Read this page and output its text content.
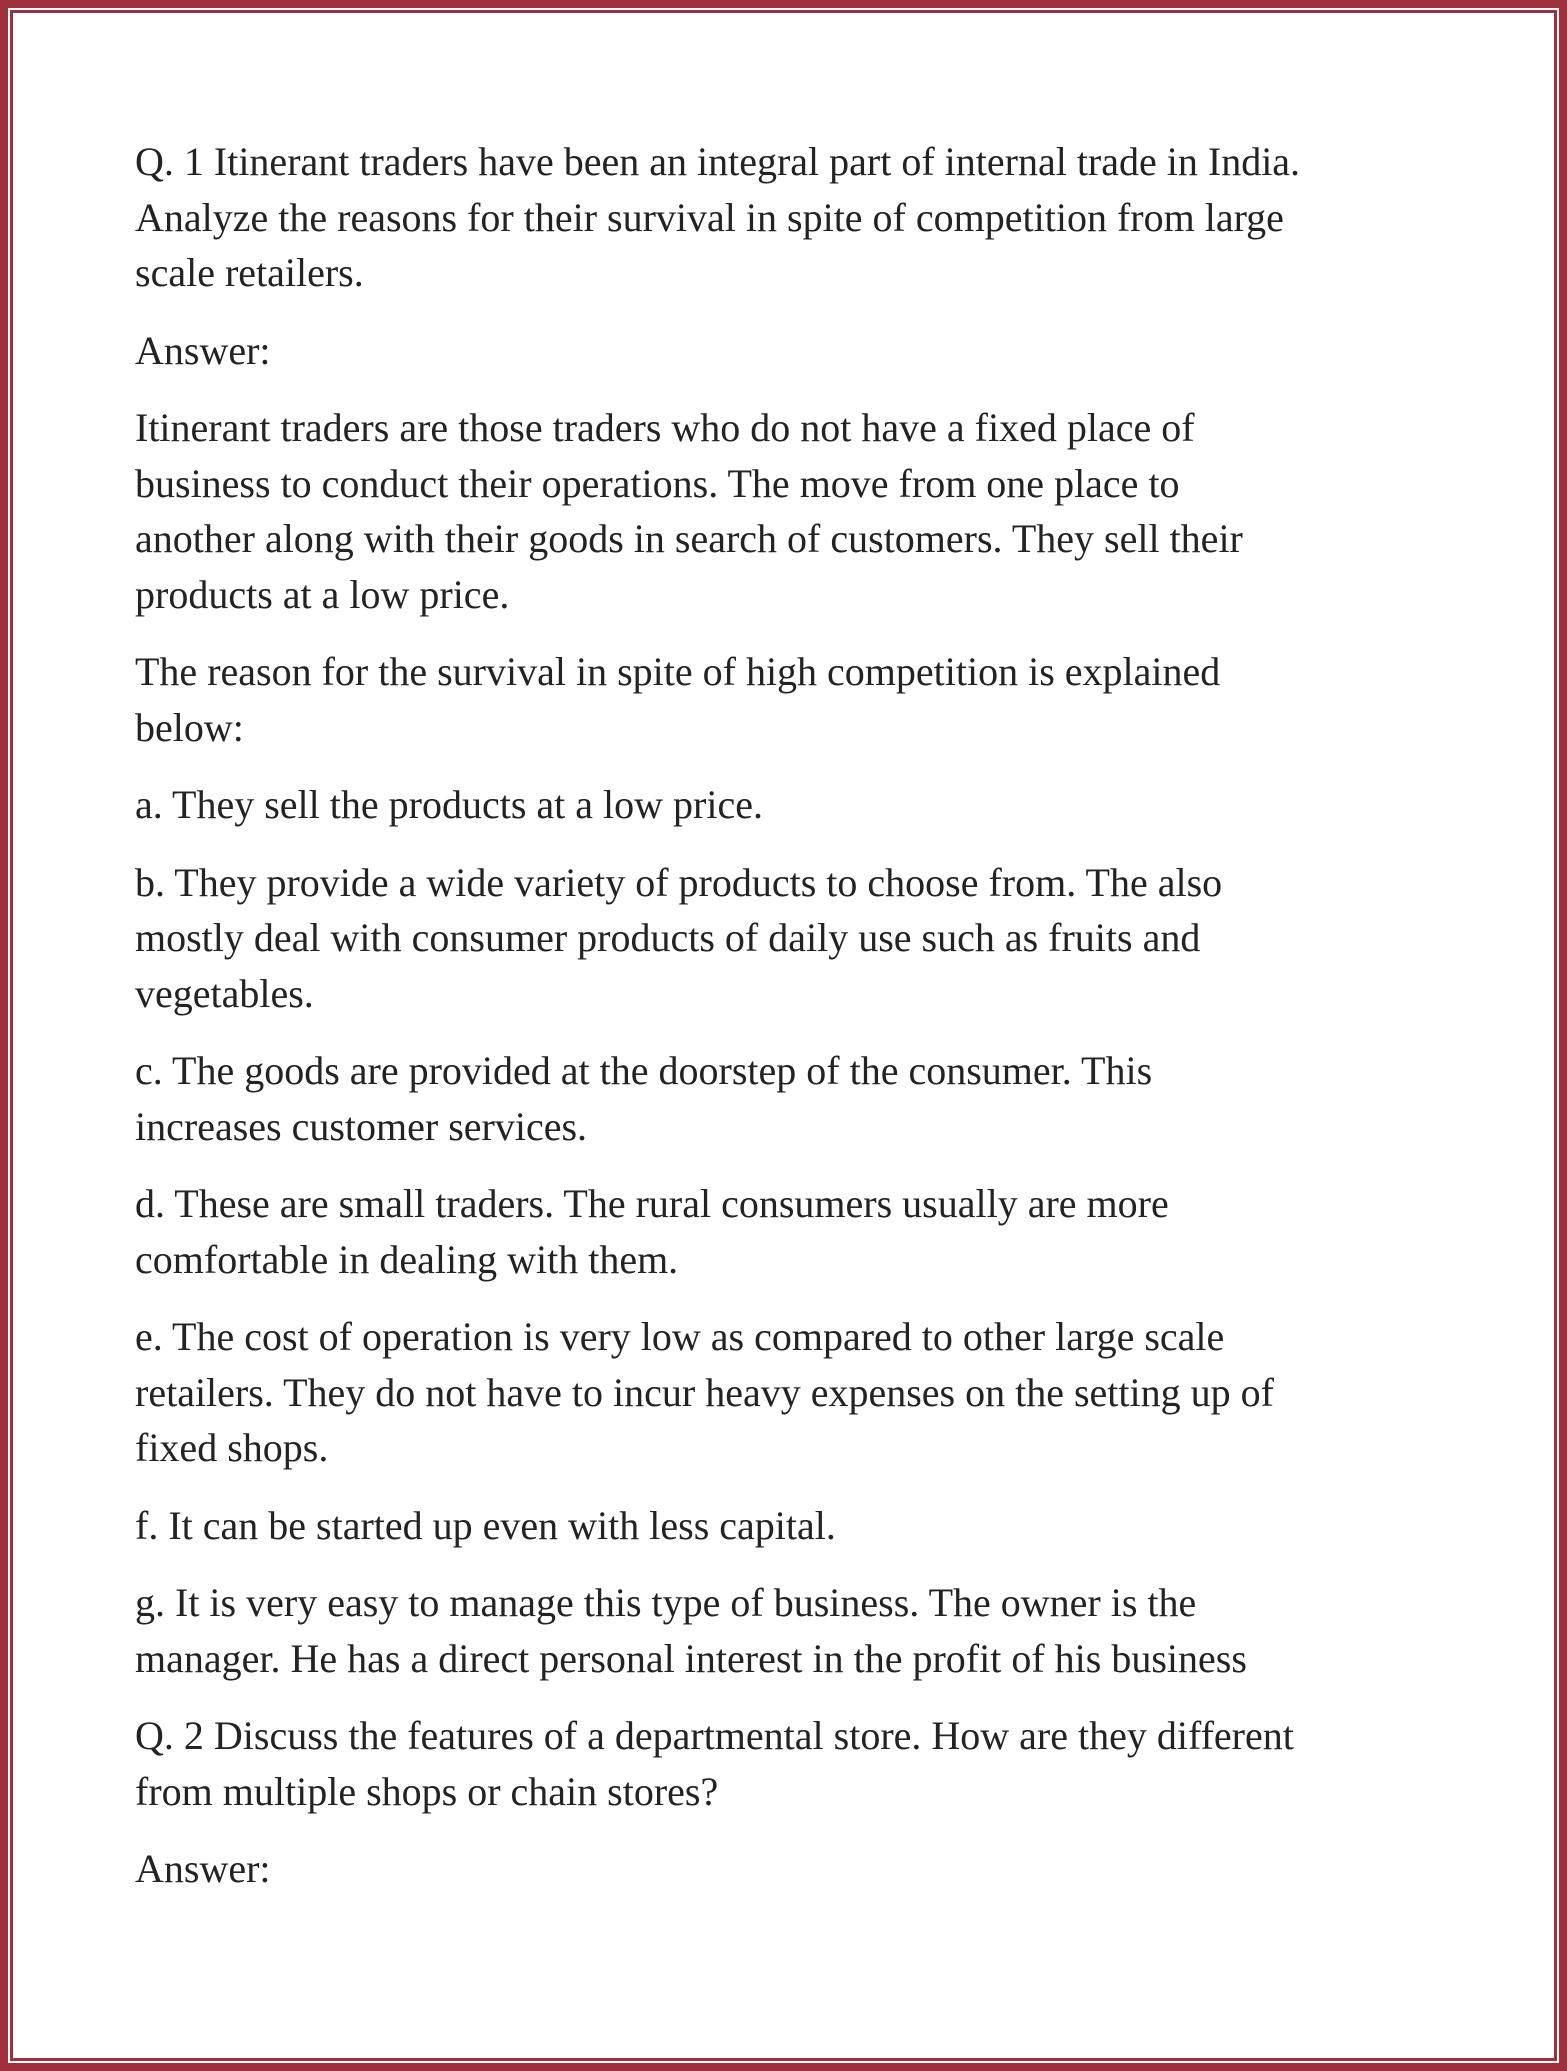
Q. 1 Itinerant traders have been an integral part of internal trade in India.
Analyze the reasons for their survival in spite of competition from large
scale retailers.

Answer:

Itinerant traders are those traders who do not have a fixed place of
business to conduct their operations. The move from one place to
another along with their goods in search of customers. They sell their
products at a low price.

The reason for the survival in spite of high competition is explained
below:

a. They sell the products at a low price.

b. They provide a wide variety of products to choose from. The also
mostly deal with consumer products of daily use such as fruits and
vegetables.

c. The goods are provided at the doorstep of the consumer. This
increases customer services.

d. These are small traders. The rural consumers usually are more
comfortable in dealing with them.

e. The cost of operation is very low as compared to other large scale
retailers. They do not have to incur heavy expenses on the setting up of
fixed shops.

f. It can be started up even with less capital.

g. It is very easy to manage this type of business. The owner is the
manager. He has a direct personal interest in the profit of his business

Q. 2 Discuss the features of a departmental store. How are they different
from multiple shops or chain stores?

Answer:
